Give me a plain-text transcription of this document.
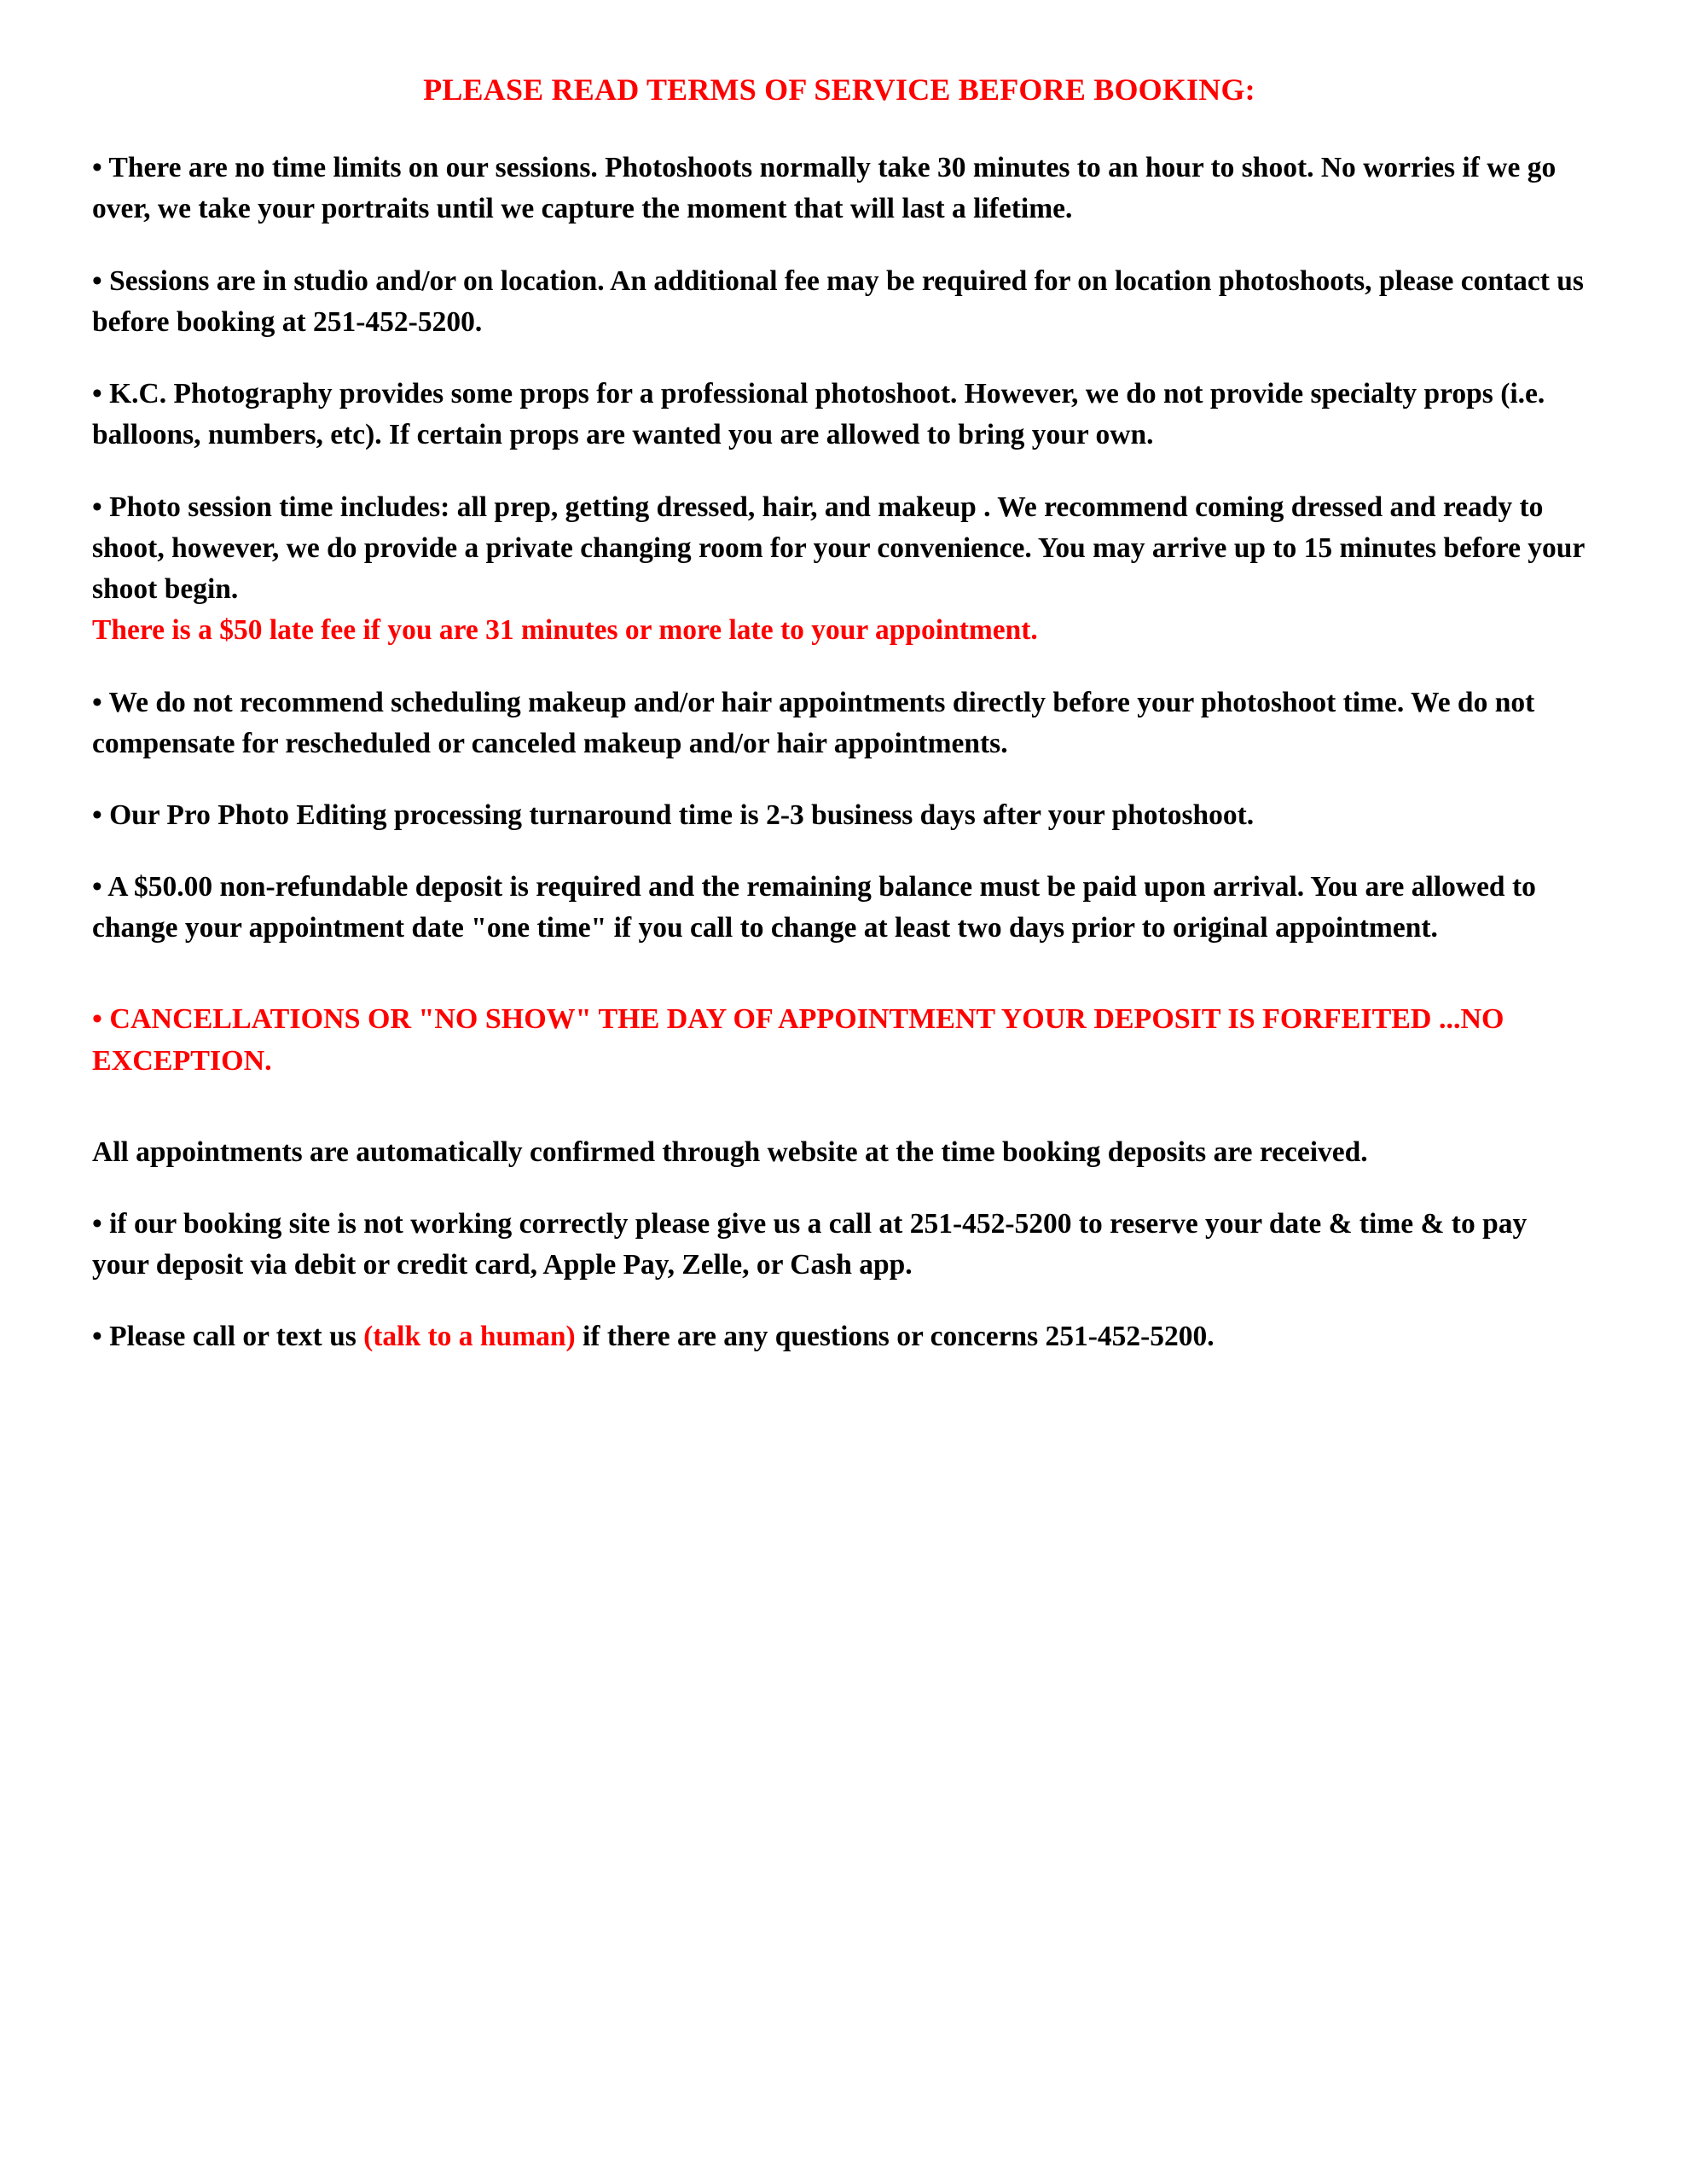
PLEASE READ TERMS OF SERVICE BEFORE BOOKING:

• There are no time limits on our sessions. Photoshoots normally take 30 minutes to an hour to shoot. No worries if we go over, we take your portraits until we capture the moment that will last a lifetime.

• Sessions are in studio and/or on location. An additional fee may be required for on location photoshoots, please contact us before booking at 251-452-5200.

• K.C. Photography provides some props for a professional photoshoot. However, we do not provide specialty props (i.e. balloons, numbers, etc). If certain props are wanted you are allowed to bring your own.

• Photo session time includes: all prep, getting dressed, hair, and makeup . We recommend coming dressed and ready to shoot, however, we do provide a private changing room for your convenience. You may arrive up to 15 minutes before your shoot begin.
There is a $50 late fee if you are 31 minutes or more late to your appointment.

• We do not recommend scheduling makeup and/or hair appointments directly before your photoshoot time. We do not compensate for rescheduled or canceled makeup and/or hair appointments.

• Our Pro Photo Editing processing turnaround time is 2-3 business days after your photoshoot.

• A $50.00 non-refundable deposit is required and the remaining balance must be paid upon arrival. You are allowed to change your appointment date "one time" if you call to change at least two days prior to original appointment.

• CANCELLATIONS OR "NO SHOW" THE DAY OF APPOINTMENT YOUR DEPOSIT IS FORFEITED ...NO EXCEPTION.

All appointments are automatically confirmed through website at the time booking deposits are received.

• if our booking site is not working correctly please give us a call at 251-452-5200 to reserve your date & time & to pay your deposit via debit or credit card, Apple Pay, Zelle, or Cash app.

• Please call or text us (talk to a human) if there are any questions or concerns 251-452-5200.
